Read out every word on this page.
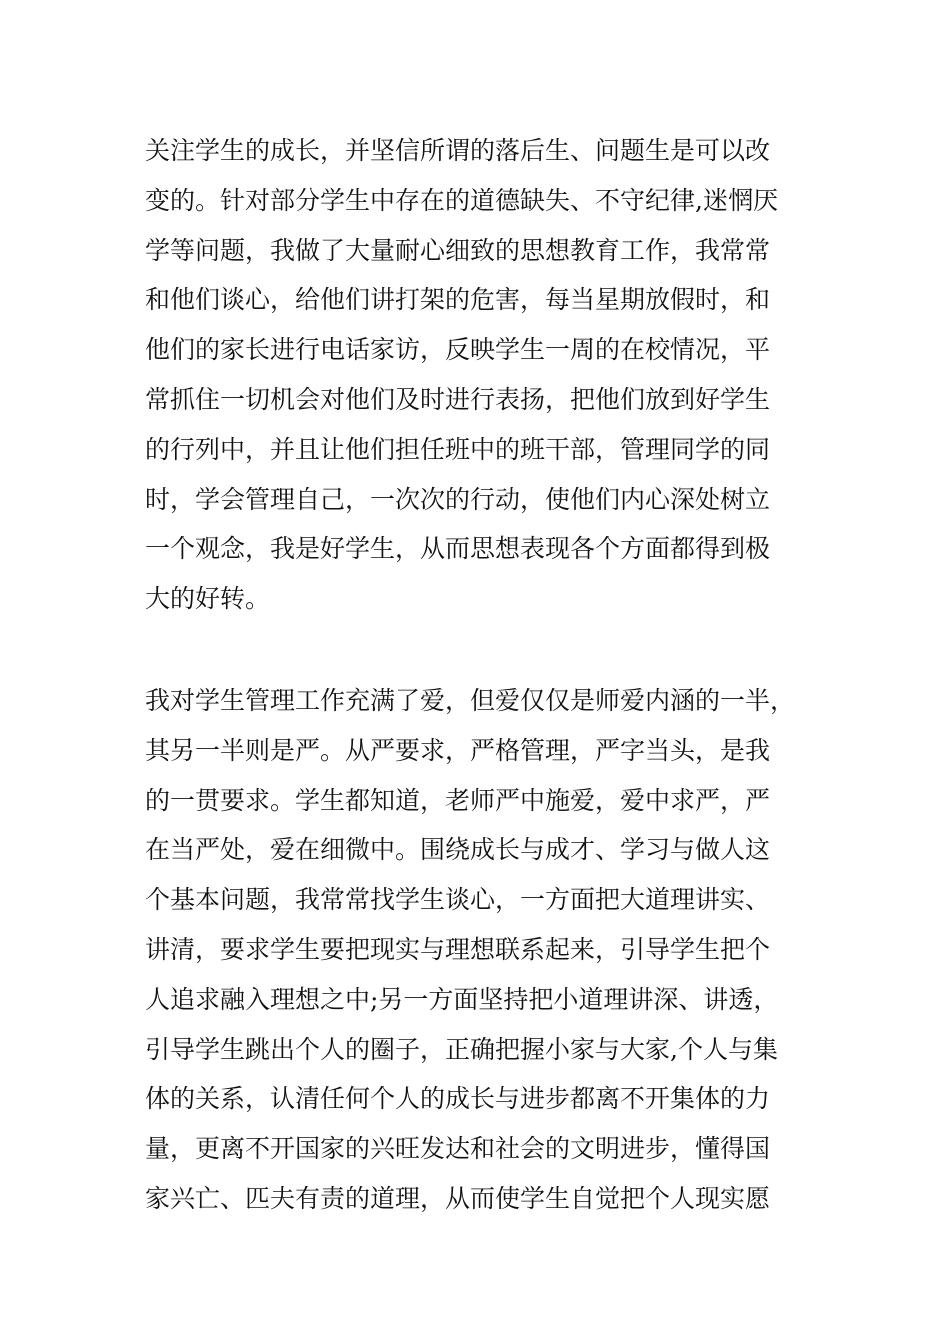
关注学生的成长，并坚信所谓的落后生、问题生是可以改
变的。针对部分学生中存在的道德缺失、不守纪律,迷惘厌
学等问题，我做了大量耐心细致的思想教育工作，我常常
和他们谈心，给他们讲打架的危害，每当星期放假时，和
他们的家长进行电话家访，反映学生一周的在校情况，平
常抓住一切机会对他们及时进行表扬，把他们放到好学生
的行列中，并且让他们担任班中的班干部，管理同学的同
时，学会管理自己，一次次的行动，使他们内心深处树立
一个观念，我是好学生，从而思想表现各个方面都得到极
大的好转。
我对学生管理工作充满了爱，但爱仅仅是师爱内涵的一半，
其另一半则是严。从严要求，严格管理，严字当头，是我
的一贯要求。学生都知道，老师严中施爱，爱中求严，严
在当严处，爱在细微中。围绕成长与成才、学习与做人这
个基本问题，我常常找学生谈心，一方面把大道理讲实、
讲清，要求学生要把现实与理想联系起来，引导学生把个
人追求融入理想之中;另一方面坚持把小道理讲深、讲透，
引导学生跳出个人的圈子，正确把握小家与大家,个人与集
体的关系，认清任何个人的成长与进步都离不开集体的力
量，更离不开国家的兴旺发达和社会的文明进步，懂得国
家兴亡、匹夫有责的道理，从而使学生自觉把个人现实愿
